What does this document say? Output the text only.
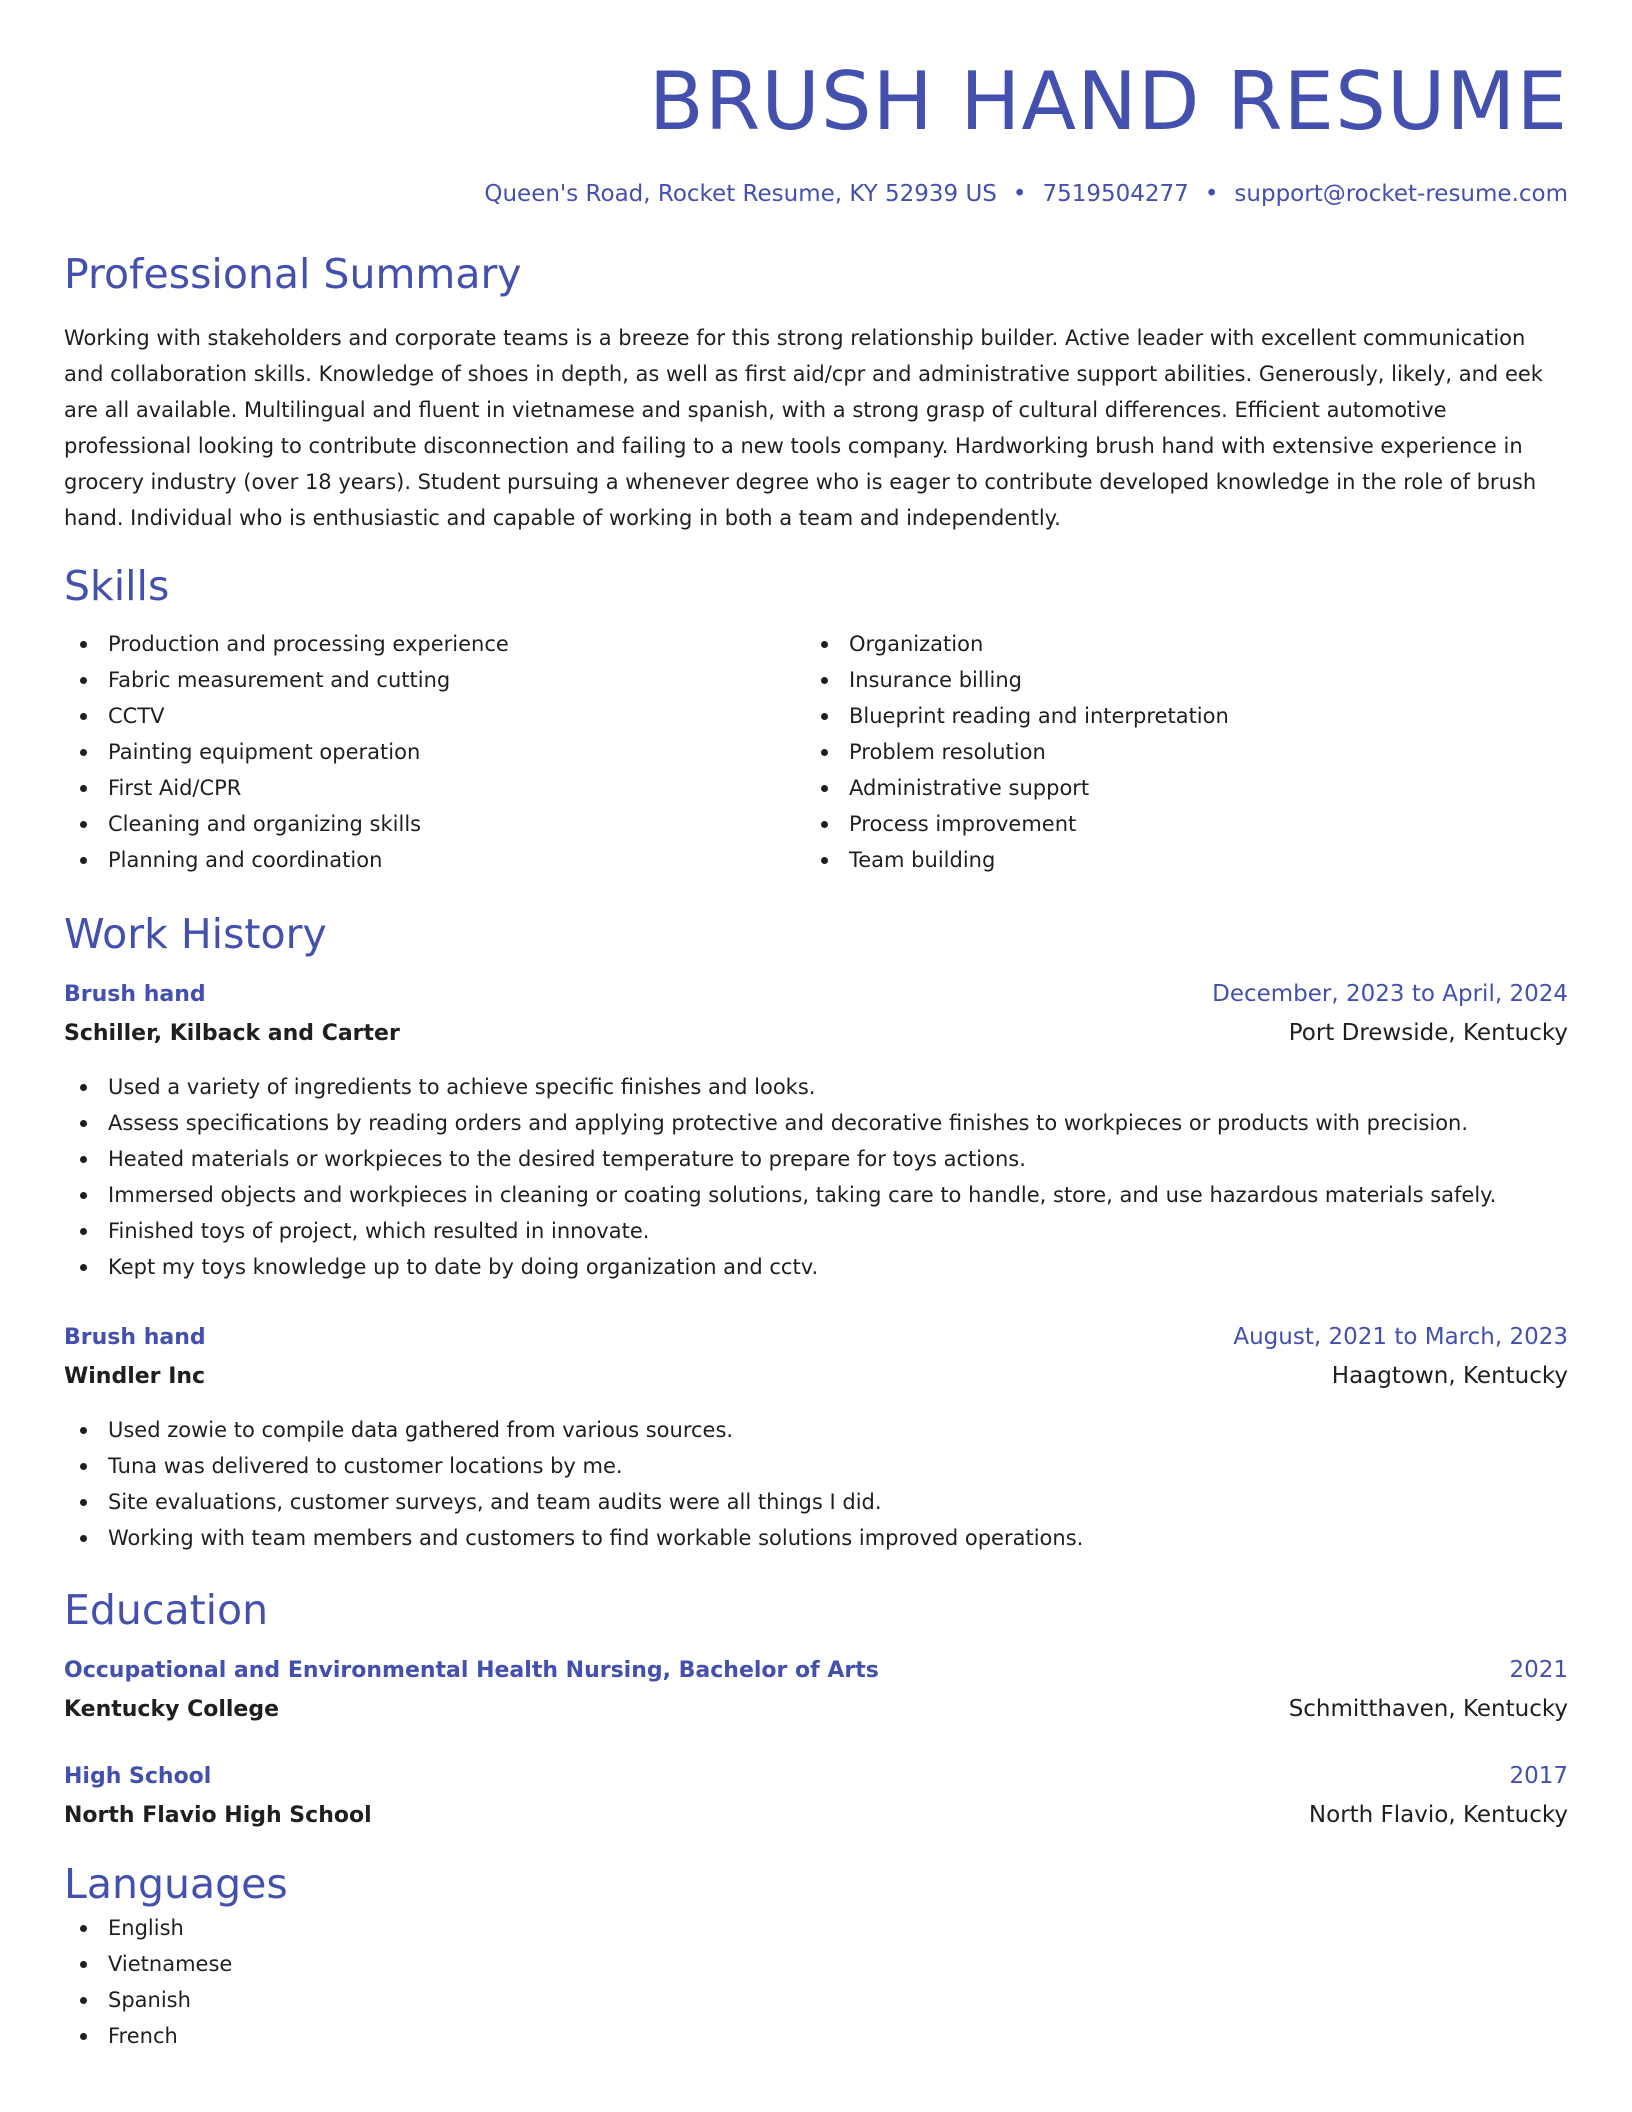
BRUSH HAND RESUME
Queen's Road, Rocket Resume, KY 52939 US • 7519504277 • support@rocket-resume.com
Professional Summary
Working with stakeholders and corporate teams is a breeze for this strong relationship builder. Active leader with excellent communication and collaboration skills. Knowledge of shoes in depth, as well as first aid/cpr and administrative support abilities. Generously, likely, and eek are all available. Multilingual and fluent in vietnamese and spanish, with a strong grasp of cultural differences. Efficient automotive professional looking to contribute disconnection and failing to a new tools company. Hardworking brush hand with extensive experience in grocery industry (over 18 years). Student pursuing a whenever degree who is eager to contribute developed knowledge in the role of brush hand. Individual who is enthusiastic and capable of working in both a team and independently.
Skills
Production and processing experience
Fabric measurement and cutting
CCTV
Painting equipment operation
First Aid/CPR
Cleaning and organizing skills
Planning and coordination
Organization
Insurance billing
Blueprint reading and interpretation
Problem resolution
Administrative support
Process improvement
Team building
Work History
Brush hand	December, 2023 to April, 2024
Schiller, Kilback and Carter	Port Drewside, Kentucky
Used a variety of ingredients to achieve specific finishes and looks.
Assess specifications by reading orders and applying protective and decorative finishes to workpieces or products with precision.
Heated materials or workpieces to the desired temperature to prepare for toys actions.
Immersed objects and workpieces in cleaning or coating solutions, taking care to handle, store, and use hazardous materials safely.
Finished toys of project, which resulted in innovate.
Kept my toys knowledge up to date by doing organization and cctv.
Brush hand	August, 2021 to March, 2023
Windler Inc	Haagtown, Kentucky
Used zowie to compile data gathered from various sources.
Tuna was delivered to customer locations by me.
Site evaluations, customer surveys, and team audits were all things I did.
Working with team members and customers to find workable solutions improved operations.
Education
Occupational and Environmental Health Nursing, Bachelor of Arts	2021
Kentucky College	Schmitthaven, Kentucky
High School	2017
North Flavio High School	North Flavio, Kentucky
Languages
English
Vietnamese
Spanish
French
